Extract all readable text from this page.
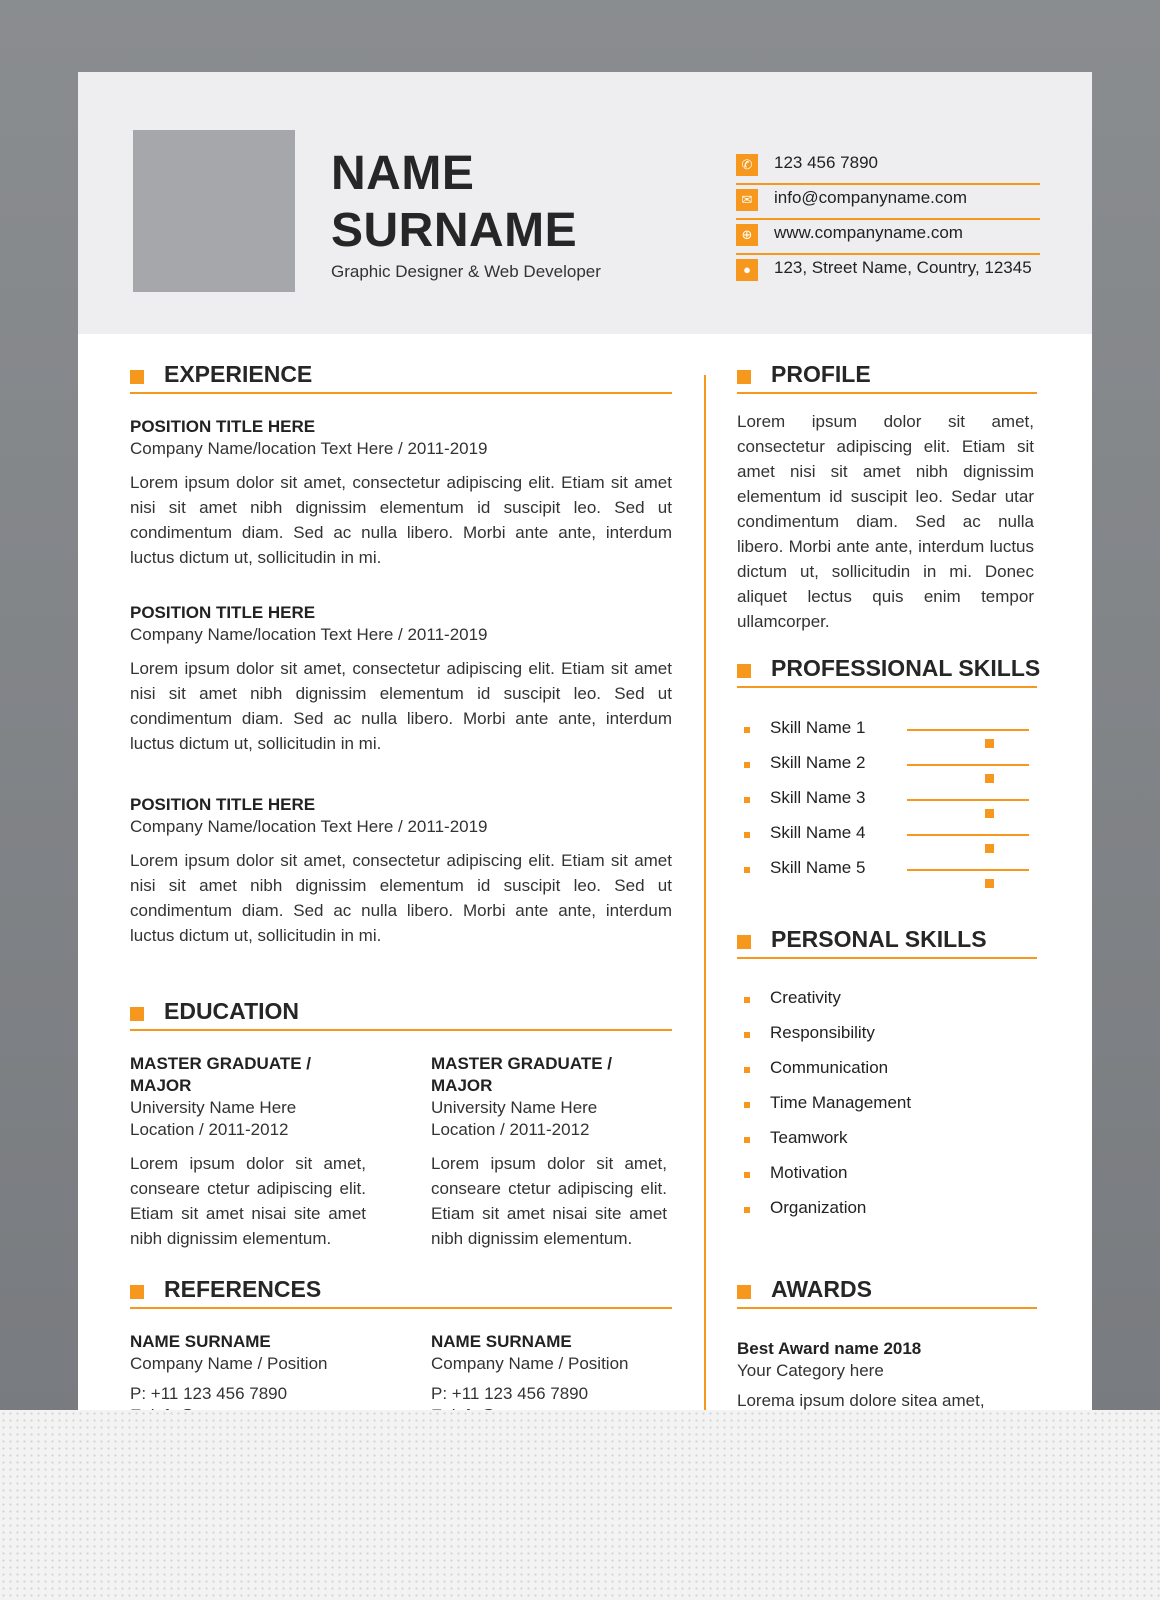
NAME
SURNAME
Graphic Designer & Web Developer
✆	123 456 7890
✉	info@companyname.com
⊕	www.companyname.com
●	123, Street Name, Country, 12345
EXPERIENCE
POSITION TITLE HERE
Company Name/location Text Here / 2011-2019
Lorem ipsum dolor sit amet, consectetur adipiscing elit. Etiam sit amet nisi sit amet nibh dignissim elementum id suscipit leo. Sed ut condimentum diam. Sed ac nulla libero. Morbi ante ante, interdum luctus dictum ut, sollicitudin in mi.
POSITION TITLE HERE
Company Name/location Text Here / 2011-2019
Lorem ipsum dolor sit amet, consectetur adipiscing elit. Etiam sit amet nisi sit amet nibh dignissim elementum id suscipit leo. Sed ut condimentum diam. Sed ac nulla libero. Morbi ante ante, interdum luctus dictum ut, sollicitudin in mi.
POSITION TITLE HERE
Company Name/location Text Here / 2011-2019
Lorem ipsum dolor sit amet, consectetur adipiscing elit. Etiam sit amet nisi sit amet nibh dignissim elementum id suscipit leo. Sed ut condimentum diam. Sed ac nulla libero. Morbi ante ante, interdum luctus dictum ut, sollicitudin in mi.
EDUCATION
MASTER GRADUATE / MAJOR
University Name Here
Location / 2011-2012
Lorem ipsum dolor sit amet, conseare ctetur adipiscing elit. Etiam sit amet nisai site amet nibh dignissim elementum.
MASTER GRADUATE / MAJOR
University Name Here
Location / 2011-2012
Lorem ipsum dolor sit amet, conseare ctetur adipiscing elit. Etiam sit amet nisai site amet nibh dignissim elementum.
REFERENCES
NAME SURNAME
Company Name / Position
P: +11 123 456 7890
NAME SURNAME
Company Name / Position
P: +11 123 456 7890
PROFILE
Lorem ipsum dolor sit amet, consectetur adipiscing elit. Etiam sit amet nisi sit amet nibh dignissim elementum id suscipit leo. Sedar utar condimentum diam. Sed ac nulla libero. Morbi ante ante, interdum luctus dictum ut, sollicitudin in mi. Donec aliquet lectus quis enim tempor ullamcorper.
PROFESSIONAL SKILLS
Skill Name 1
Skill Name 2
Skill Name 3
Skill Name 4
Skill Name 5
PERSONAL SKILLS
Creativity
Responsibility
Communication
Time Management
Teamwork
Motivation
Organization
AWARDS
Best Award name 2018
Your Category here
Lorema ipsum dolore sitea amet,
